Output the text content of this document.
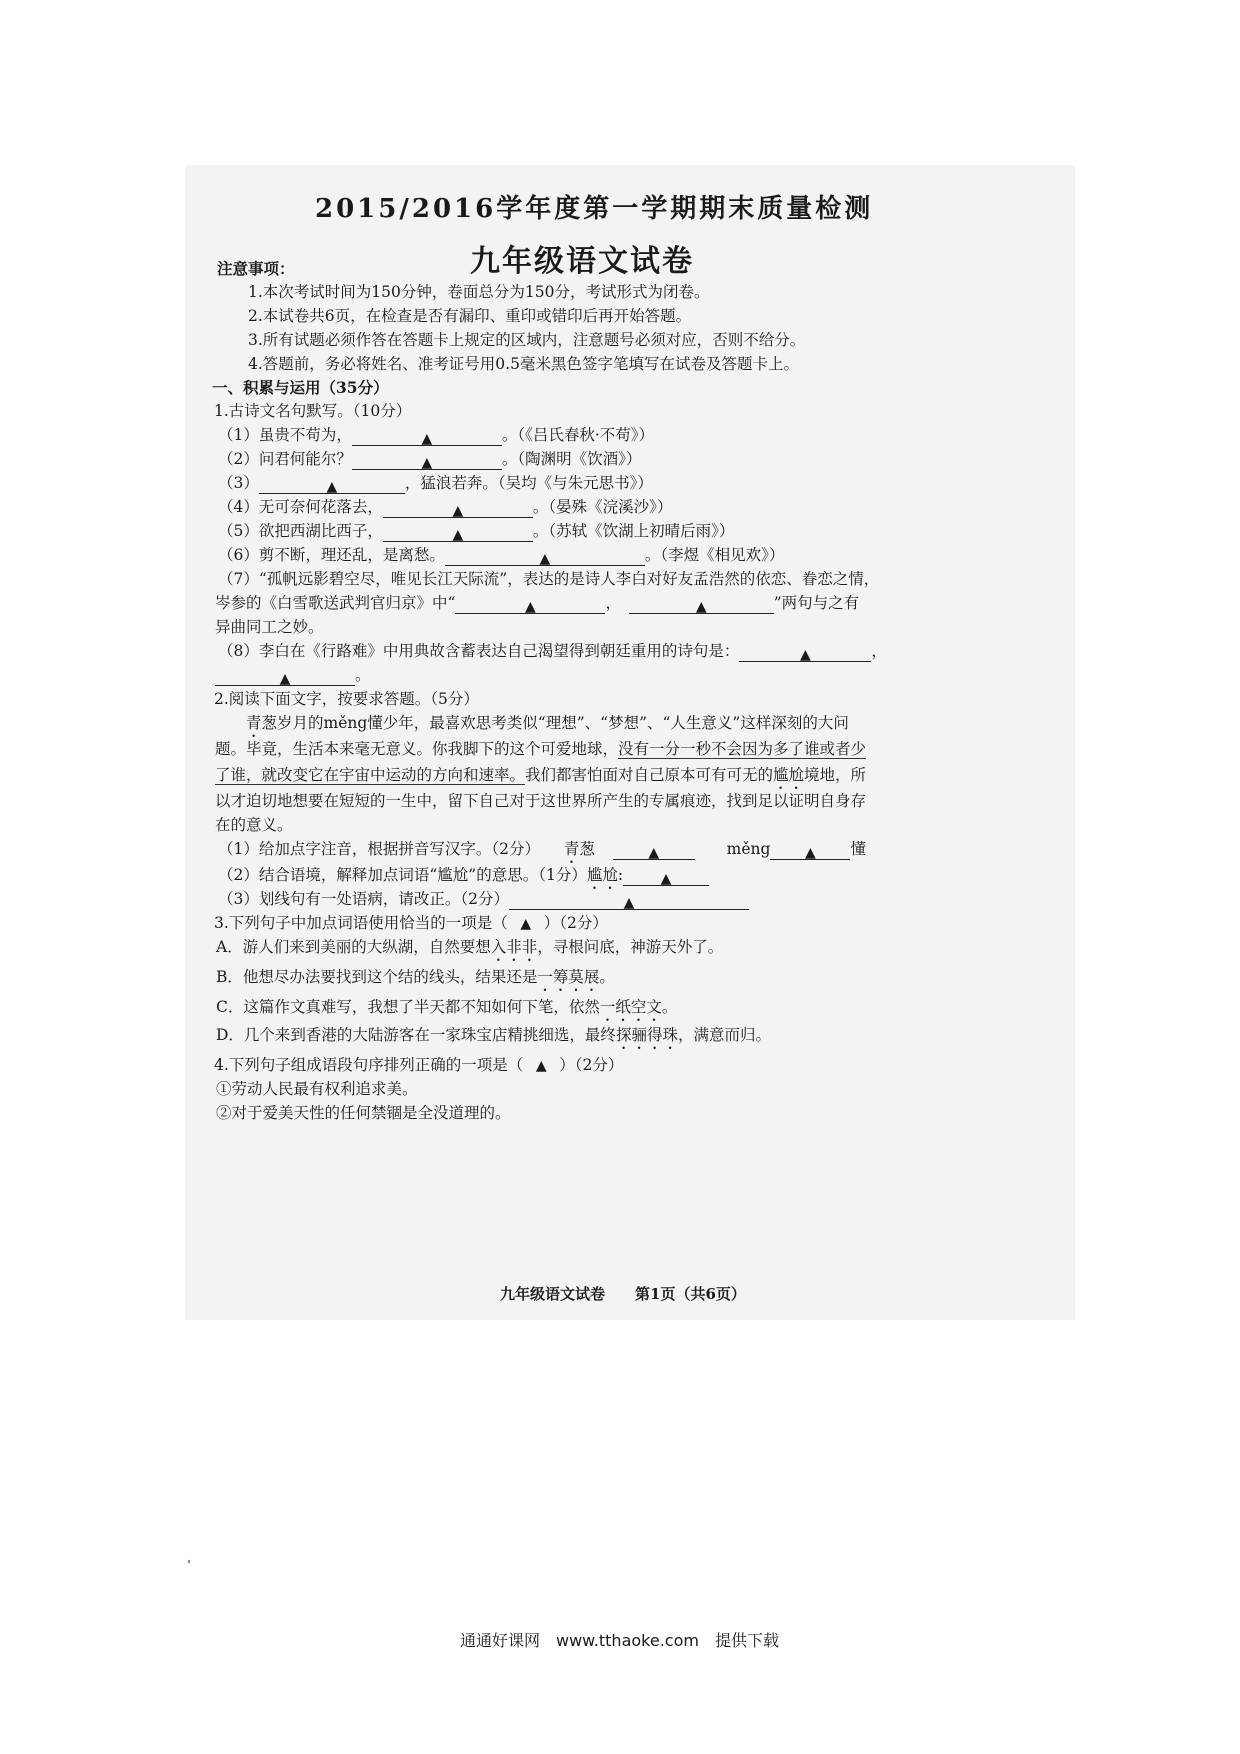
2015/2016学年度第一学期期末质量检测
九年级语文试卷
注意事项：
1.本次考试时间为150分钟，卷面总分为150分，考试形式为闭卷。
2.本试卷共6页，在检查是否有漏印、重印或错印后再开始答题。
3.所有试题必须作答在答题卡上规定的区域内，注意题号必须对应，否则不给分。
4.答题前，务必将姓名、准考证号用0.5毫米黑色签字笔填写在试卷及答题卡上。
一、积累与运用（35分）
1.古诗文名句默写。（10分）
（1）虽贵不苟为，	▲	。（《吕氏春秋·不苟》）
（2）问君何能尔？	▲	。（陶渊明《饮酒》）
（3）	▲	，猛浪若奔。（吴均《与朱元思书》）
（4）无可奈何花落去，	▲	。（晏殊《浣溪沙》）
（5）欲把西湖比西子，	▲	。（苏轼《饮湖上初晴后雨》）
（6）剪不断，理还乱，是离愁。	▲	。（李煜《相见欢》）
（7）“孤帆远影碧空尽，唯见长江天际流”，表达的是诗人李白对好友孟浩然的依恋、眷恋之情，
岑参的《白雪歌送武判官归京》中“	▲	，　	▲	”两句与之有
异曲同工之妙。
（8）李白在《行路难》中用典故含蓄表达自己渴望得到朝廷重用的诗句是：	▲	，
▲	。
2.阅读下面文字，按要求答题。（5分）
青葱岁月的měng懂少年，最喜欢思考类似“理想”、“梦想”、“人生意义”这样深刻的大问
题。毕竟，生活本来毫无意义。你我脚下的这个可爱地球，没有一分一秒不会因为多了谁或者少
了谁，就改变它在宇宙中运动的方向和速率。我们都害怕面对自己原本可有可无的尴尬境地，所
以才迫切地想要在短短的一生中，留下自己对于这世界所产生的专属痕迹，找到足以证明自身存
在的意义。
（1）给加点字注音，根据拼音写汉字。（2分） 青葱	▲	měng ▲ 懂
（2）结合语境，解释加点词语“尴尬”的意思。（1分）尴尬:	▲
（3）划线句有一处语病，请改正。（2分）	▲
3.下列句子中加点词语使用恰当的一项是（ ▲ ）（2分）
A．游人们来到美丽的大纵湖，自然要想入非非，寻根问底，神游天外了。
B．他想尽办法要找到这个结的线头，结果还是一筹莫展。
C．这篇作文真难写，我想了半天都不知如何下笔，依然一纸空文。
D．几个来到香港的大陆游客在一家珠宝店精挑细选，最终探骊得珠，满意而归。
4.下列句子组成语段句序排列正确的一项是（ ▲ ）（2分）
①劳动人民最有权利追求美。
②对于爱美天性的任何禁锢是全没道理的。
九年级语文试卷　　第1页（共6页）
通通好课网　www.tthaoke.com　提供下载
